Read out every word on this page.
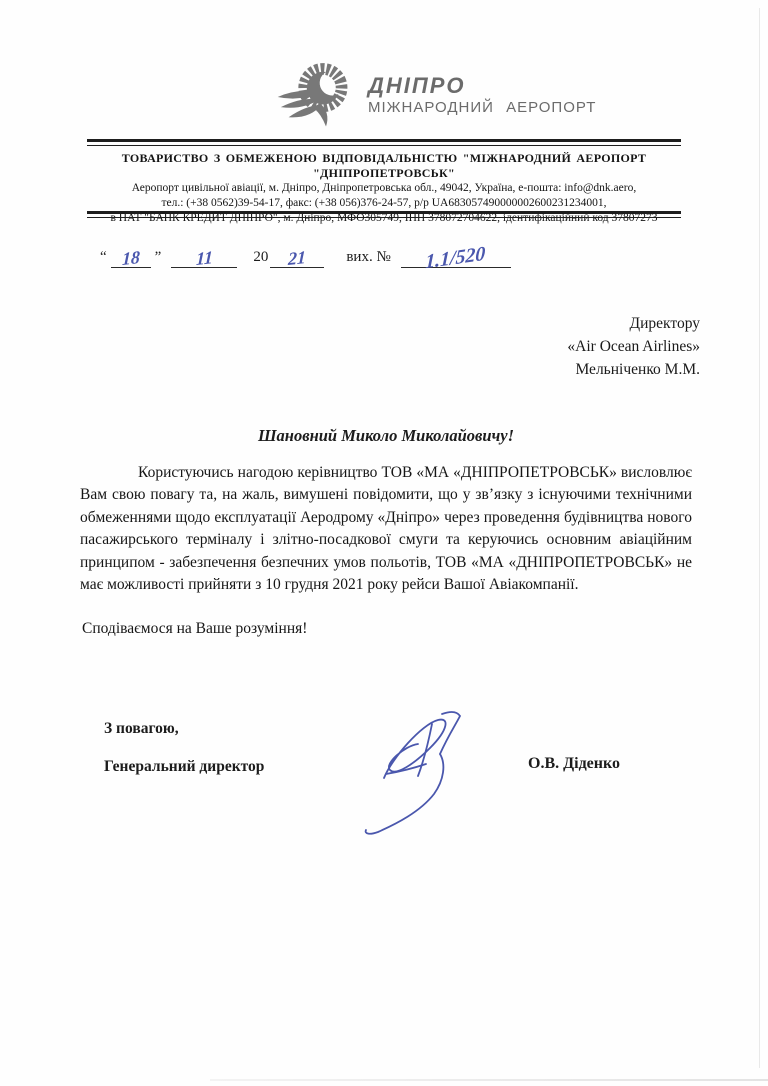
ДНІПРО
МІЖНАРОДНИЙ АЕРОПОРТ
ТОВАРИСТВО З ОБМЕЖЕНОЮ ВІДПОВІДАЛЬНІСТЮ "МІЖНАРОДНИЙ АЕРОПОРТ "ДНІПРОПЕТРОВСЬК"
Аеропорт цивільної авіації, м. Дніпро, Дніпропетровська обл., 49042, Україна, е-пошта: info@dnk.aero,
тел.: (+38 0562)39-54-17, факс: (+38 056)376-24-57, р/р UA683057490000002600231234001,
в ПАТ "БАНК КРЕДИТ ДНІПРО", м. Дніпро, МФО305749, ІПН 378072704622, ідентифікаційний код 37807273
“ 18 ”	11	20	21	вих. №	1.1/520
Директору
«Air Ocean Airlines»
Мельніченко М.М.
Шановний Миколо Миколайовичу!
Користуючись нагодою керівництво ТОВ «МА «ДНІПРОПЕТРОВСЬК» висловлює Вам свою повагу та, на жаль, вимушені повідомити, що у зв’язку з існуючими технічними обмеженнями щодо експлуатації Аеродрому «Дніпро» через проведення будівництва нового пасажирського терміналу і злітно-посадкової смуги та керуючись основним авіаційним принципом - забезпечення безпечних умов польотів, ТОВ «МА «ДНІПРОПЕТРОВСЬК» не має можливості прийняти з 10 грудня 2021 року рейси Вашої Авіакомпанії.
Сподіваємося на Ваше розуміння!
З повагою,
Генеральний директор	О.В. Діденко
